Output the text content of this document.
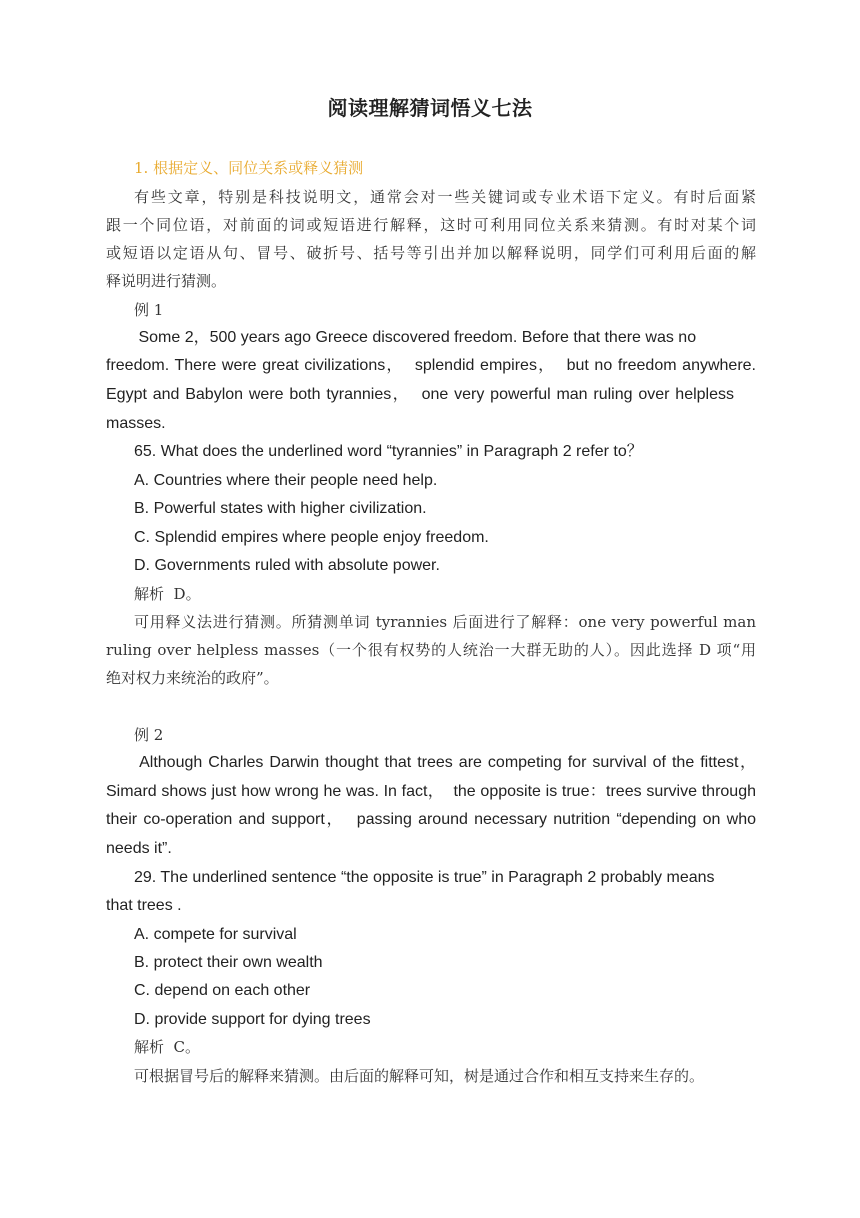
阅读理解猜词悟义七法
1. 根据定义、同位关系或释义猜测
有些文章，特别是科技说明文，通常会对一些关键词或专业术语下定义。有时后面紧
跟一个同位语，对前面的词或短语进行解释，这时可利用同位关系来猜测。有时对某个词
或短语以定语从句、冒号、破折号、括号等引出并加以解释说明，同学们可利用后面的解
释说明进行猜测。
例 1
Some 2，500 years ago Greece discovered freedom. Before that there was no
freedom. There were great civilizations，  splendid empires，  but no freedom anywhere.
Egypt and Babylon were both tyrannies，  one very powerful man ruling over helpless
masses.
65. What does the underlined word “tyrannies” in Paragraph 2 refer to？
A. Countries where their people need help.
B. Powerful states with higher civilization.
C. Splendid empires where people enjoy freedom.
D. Governments ruled with absolute power.
解析  D。
可用释义法进行猜测。所猜测单词 tyrannies 后面进行了解释：one very powerful man
ruling over helpless masses（一个很有权势的人统治一大群无助的人）。因此选择 D 项“用
绝对权力来统治的政府”。
例 2
Although Charles Darwin thought that trees are competing for survival of the fittest，
Simard shows just how wrong he was. In fact，  the opposite is true：trees survive through
their co-operation and support，  passing around necessary nutrition “depending on who
needs it”.
29. The underlined sentence “the opposite is true” in Paragraph 2 probably means
that trees .
A. compete for survival
B. protect their own wealth
C. depend on each other
D. provide support for dying trees
解析  C。
可根据冒号后的解释来猜测。由后面的解释可知，树是通过合作和相互支持来生存的。
